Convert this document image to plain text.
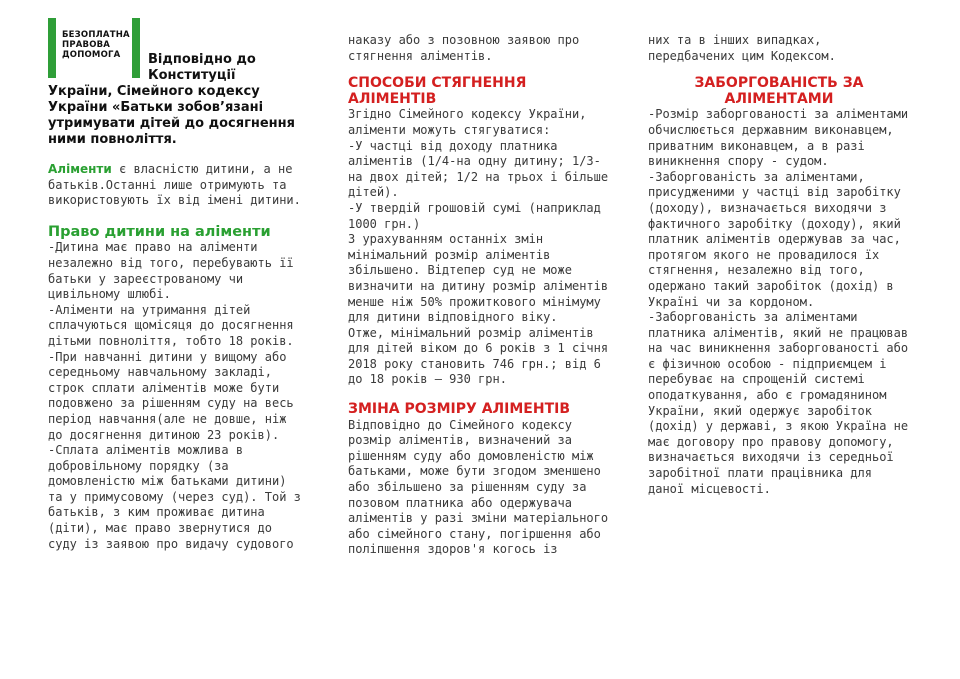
БЕЗОПЛАТНА
ПРАВОВА
ДОПОМОГА	Відповідно до
Конституції
України, Сімейного кодексу України «Батьки зобов’язані утримувати дітей до досягнення ними повноліття.

Аліменти є власністю дитини, а не батьків.Останні лише отримують та використовують їх від імені дитини.

Право дитини на аліменти

-Дитина має право на аліменти незалежно від того, перебувають її батьки у зареєстрованому чи цивільному шлюбі.

-Аліменти на утримання дітей сплачуються щомісяця до досягнення дітьми повноліття, тобто 18 років.

-При навчанні дитини у вищому або середньому навчальному закладі, строк сплати аліментів може бути подовжено за рішенням суду на весь період навчання(але не довше, ніж до досягнення дитиною 23 років).

-Сплата аліментів можлива в добровільному порядку (за домовленістю між батьками дитини) та у примусовому (через суд). Той з батьків, з ким проживає дитина (діти), має право звернутися до суду із заявою про видачу судового

наказу або з позовною заявою про стягнення аліментів.

СПОСОБИ СТЯГНЕННЯ АЛІМЕНТІВ

Згідно Сімейного кодексу України, аліменти можуть стягуватися:

-У частці від доходу платника аліментів (1/4-на одну дитину; 1/3-на двох дітей; 1/2 на трьох і більше дітей).

-У твердій грошовій сумі (наприклад 1000 грн.)

З урахуванням останніх змін мінімальний розмір аліментів збільшено. Відтепер суд не може визначити на дитину розмір аліментів менше ніж 50% прожиткового мінімуму для дитини відповідного віку.

Отже, мінімальний розмір аліментів для дітей віком до 6 років з 1 січня 2018 року становить 746 грн.; від 6 до 18 років – 930 грн.

ЗМІНА РОЗМІРУ АЛІМЕНТІВ

Відповідно до Сімейного кодексу розмір аліментів, визначений за рішенням суду або домовленістю між батьками, може бути згодом зменшено або збільшено за рішенням суду за позовом платника або одержувача аліментів у разі зміни матеріального або сімейного стану, погіршення або поліпшення здоров'я когось із

них та в інших випадках, передбачених цим Кодексом.

ЗАБОРГОВАНІСТЬ ЗА АЛІМЕНТАМИ

-Розмір заборгованості за аліментами обчислюється державним виконавцем, приватним виконавцем, а в разі виникнення спору - судом.

-Заборгованість за аліментами, присудженими у частці від заробітку (доходу), визначається виходячи з фактичного заробітку (доходу), який платник аліментів одержував за час, протягом якого не провадилося їх стягнення, незалежно від того, одержано такий заробіток (дохід) в Україні чи за кордоном.

-Заборгованість за аліментами платника аліментів, який не працював на час виникнення заборгованості або є фізичною особою - підприємцем і перебуває на спрощеній системі оподаткування, або є громадянином України, який одержує заробіток (дохід) у державі, з якою Україна не має договору про правову допомогу, визначається виходячи із середньої заробітної плати працівника для даної місцевості.
